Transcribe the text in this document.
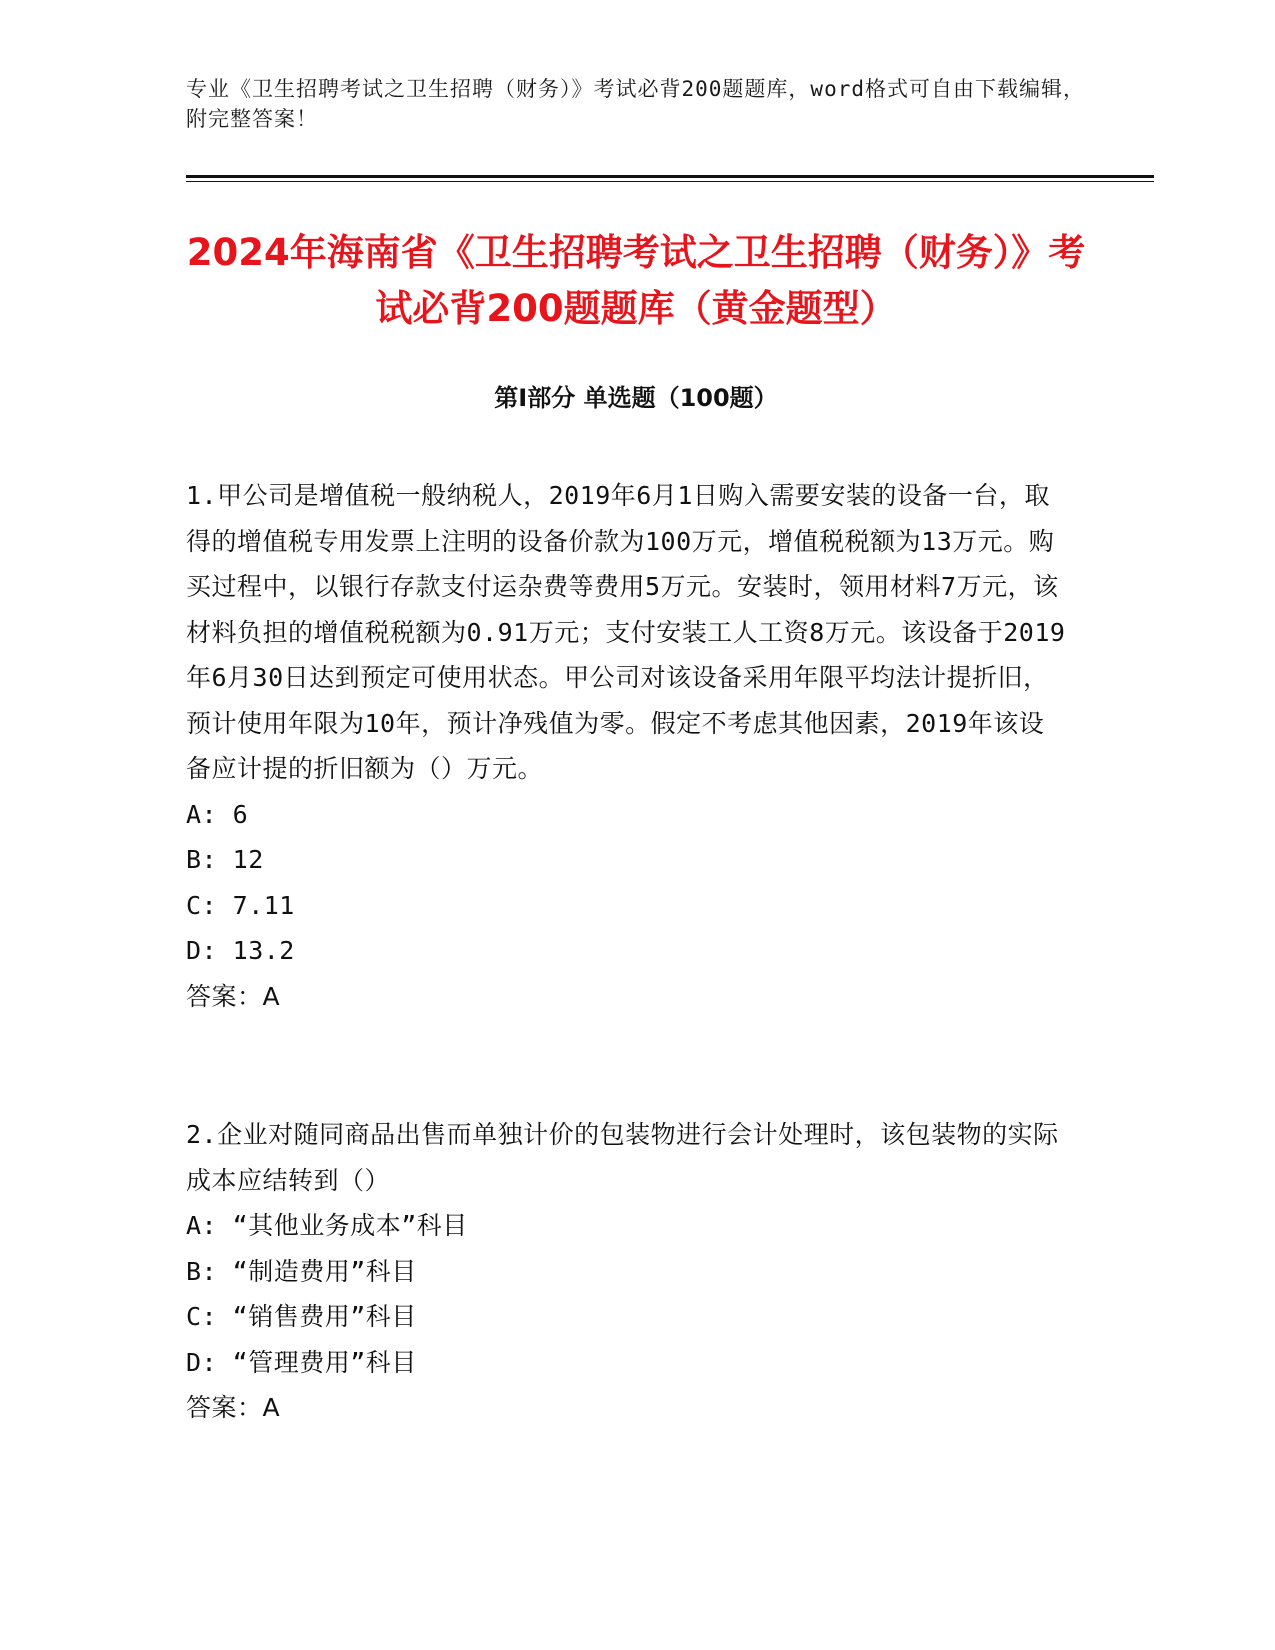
专业《卫生招聘考试之卫生招聘（财务）》考试必背200题题库，word格式可自由下载编辑，附完整答案！
2024年海南省《卫生招聘考试之卫生招聘（财务）》考试必背200题题库（黄金题型）
第I部分 单选题（100题）

1.甲公司是增值税一般纳税人，2019年6月1日购入需要安装的设备一台，取得的增值税专用发票上注明的设备价款为100万元，增值税税额为13万元。购买过程中，以银行存款支付运杂费等费用5万元。安装时，领用材料7万元，该材料负担的增值税税额为0.91万元；支付安装工人工资8万元。该设备于2019年6月30日达到预定可使用状态。甲公司对该设备采用年限平均法计提折旧，预计使用年限为10年，预计净残值为零。假定不考虑其他因素，2019年该设备应计提的折旧额为（）万元。

A: 6

B: 12

C: 7.11

D: 13.2

答案：A

2.企业对随同商品出售而单独计价的包装物进行会计处理时，该包装物的实际成本应结转到（）

A: “其他业务成本”科目

B: “制造费用”科目

C: “销售费用”科目

D: “管理费用”科目

答案：A
